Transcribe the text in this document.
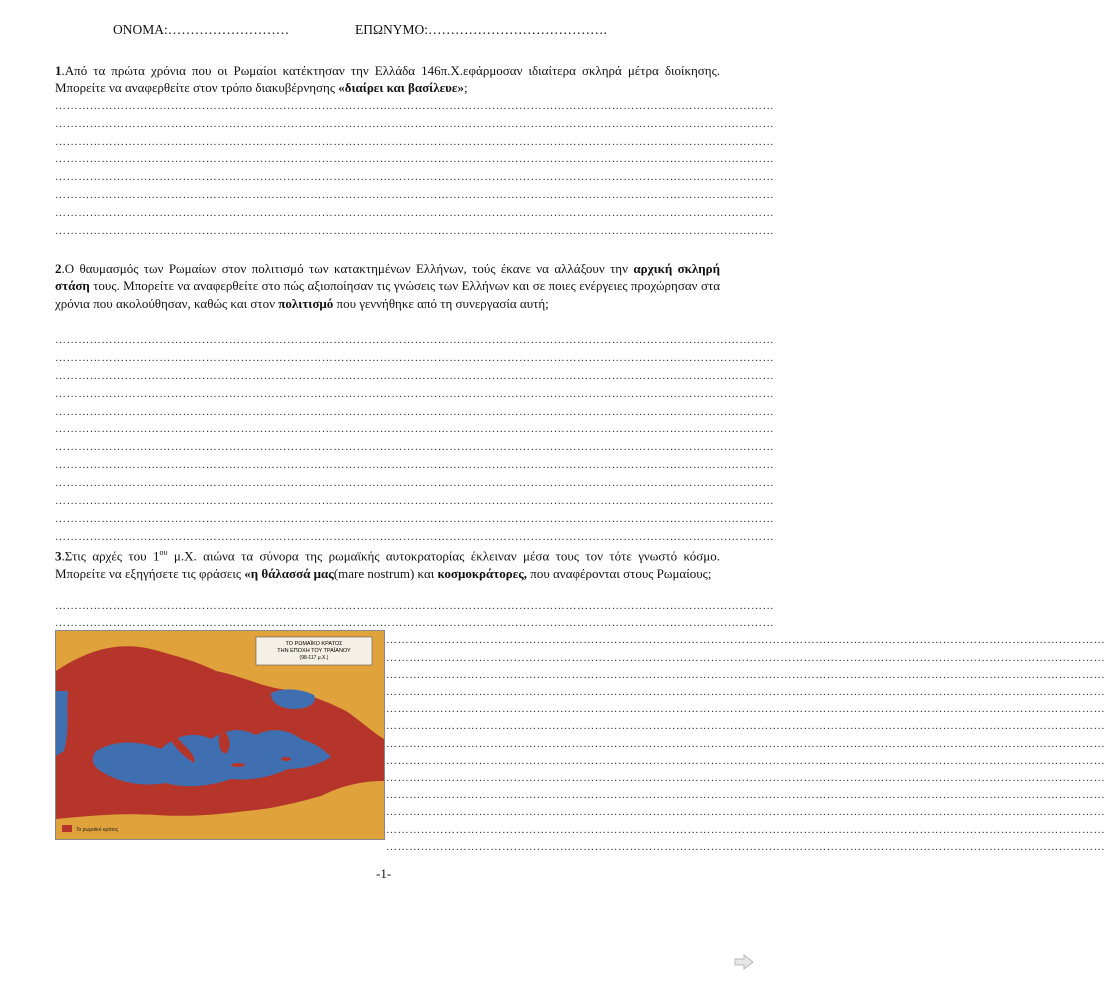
ΟΝΟΜΑ:………………………	ΕΠΩΝΥΜΟ:………………………………….
1.Από τα πρώτα χρόνια που οι Ρωμαίοι κατέκτησαν την Ελλάδα 146π.Χ.εφάρμοσαν ιδιαίτερα σκληρά μέτρα διοίκησης. Μπορείτε να αναφερθείτε στον τρόπο διακυβέρνησης «διαίρει και βασίλευε»;
……………………………………………………………………………………………………………………………………………………………………
……………………………………………………………………………………………………………………………………………………………………
……………………………………………………………………………………………………………………………………………………………………
……………………………………………………………………………………………………………………………………………………………………
……………………………………………………………………………………………………………………………………………………………………
……………………………………………………………………………………………………………………………………………………………………
……………………………………………………………………………………………………………………………………………………………………
……………………………………………………………………………………………………………………………………………………………………
2.Ο θαυμασμός των Ρωμαίων στον πολιτισμό των κατακτημένων Ελλήνων, τούς έκανε να αλλάξουν την αρχική σκληρή στάση τους. Μπορείτε να αναφερθείτε στο πώς αξιοποίησαν τις γνώσεις των Ελλήνων και σε ποιες ενέργειες προχώρησαν στα χρόνια που ακολούθησαν, καθώς και στον πολιτισμό που γεννήθηκε από τη συνεργασία αυτή;
……………………………………………………………………………………………………………………………………………………………………
……………………………………………………………………………………………………………………………………………………………………
……………………………………………………………………………………………………………………………………………………………………
……………………………………………………………………………………………………………………………………………………………………
……………………………………………………………………………………………………………………………………………………………………
……………………………………………………………………………………………………………………………………………………………………
……………………………………………………………………………………………………………………………………………………………………
……………………………………………………………………………………………………………………………………………………………………
……………………………………………………………………………………………………………………………………………………………………
……………………………………………………………………………………………………………………………………………………………………
……………………………………………………………………………………………………………………………………………………………………
……………………………………………………………………………………………………………………………………………………………………
3.Στις αρχές του $1^{o\upsilon}$ μ.Χ. αιώνα τα σύνορα της ρωμαϊκής αυτοκρατορίας έκλειναν μέσα τους τον τότε γνωστό κόσμο. Μπορείτε να εξηγήσετε τις φράσεις «η θάλασσά μας(mare nostrum) και κοσμοκράτορες, που αναφέρονται στους Ρωμαίους;
……………………………………………………………………………………………………………………………………………………………………
……………………………………………………………………………………………………………………………………………………………………
……………………………………………………………………………………………………………………………………………………………………
……………………………………………………………………………………………………………………………………………………………………
……………………………………………………………………………………………………………………………………………………………………
……………………………………………………………………………………………………………………………………………………………………
……………………………………………………………………………………………………………………………………………………………………
……………………………………………………………………………………………………………………………………………………………………
……………………………………………………………………………………………………………………………………………………………………
……………………………………………………………………………………………………………………………………………………………………
……………………………………………………………………………………………………………………………………………………………………
……………………………………………………………………………………………………………………………………………………………………
……………………………………………………………………………………………………………………………………………………………………
……………………………………………………………………………………………………………………………………………………………………
……………………………………………………………………………………………………………………………………………………………………
ΤΟ ΡΩΜΑΪΚΟ ΚΡΑΤΟΣ
ΤΗΝ ΕΠΟΧΗ ΤΟΥ ΤΡΑΪΑΝΟΥ
(98-117 μ.Χ.)
Το ρωμαϊκό κράτος
-1-
